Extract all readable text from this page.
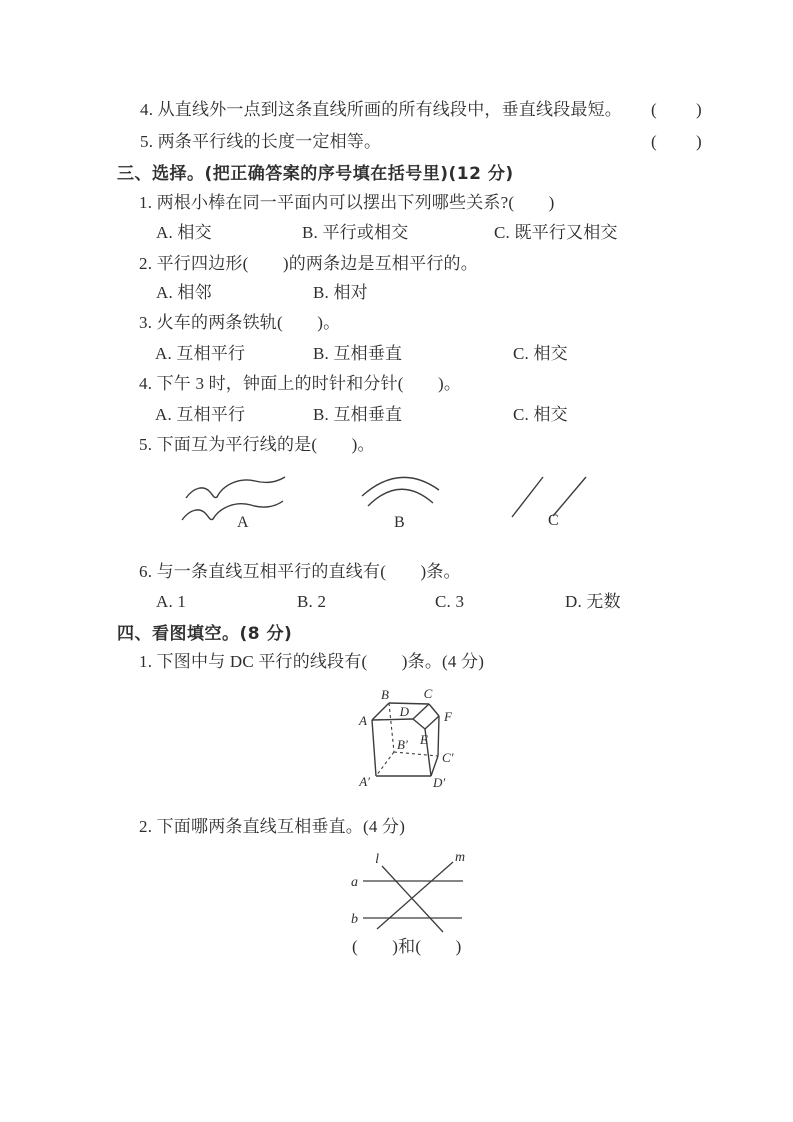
4. 从直线外一点到这条直线所画的所有线段中，垂直线段最短。 ( )
5. 两条平行线的长度一定相等。	( )
三、选择。(把正确答案的序号填在括号里)(12 分)
1. 两根小棒在同一平面内可以摆出下列哪些关系?(　　)
A. 相交	B. 平行或相交	C. 既平行又相交
2. 平行四边形(　　)的两条边是互相平行的。
A. 相邻	B. 相对
3. 火车的两条铁轨(　　)。
A. 互相平行	B. 互相垂直	C. 相交
4. 下午 3 时，钟面上的时针和分针(　　)。
A. 互相平行	B. 互相垂直	C. 相交
5. 下面互为平行线的是(　　)。
A	B	C
6. 与一条直线互相平行的直线有(　　)条。
A. 1	B. 2	C. 3	D. 无数
四、看图填空。(8 分)
1. 下图中与 DC 平行的线段有(　　)条。(4 分)
A
B	C
D
E
F
A′
B′
C′
D′
2. 下面哪两条直线互相垂直。(4 分)
l	m
a
b
(　　)和(　　)
